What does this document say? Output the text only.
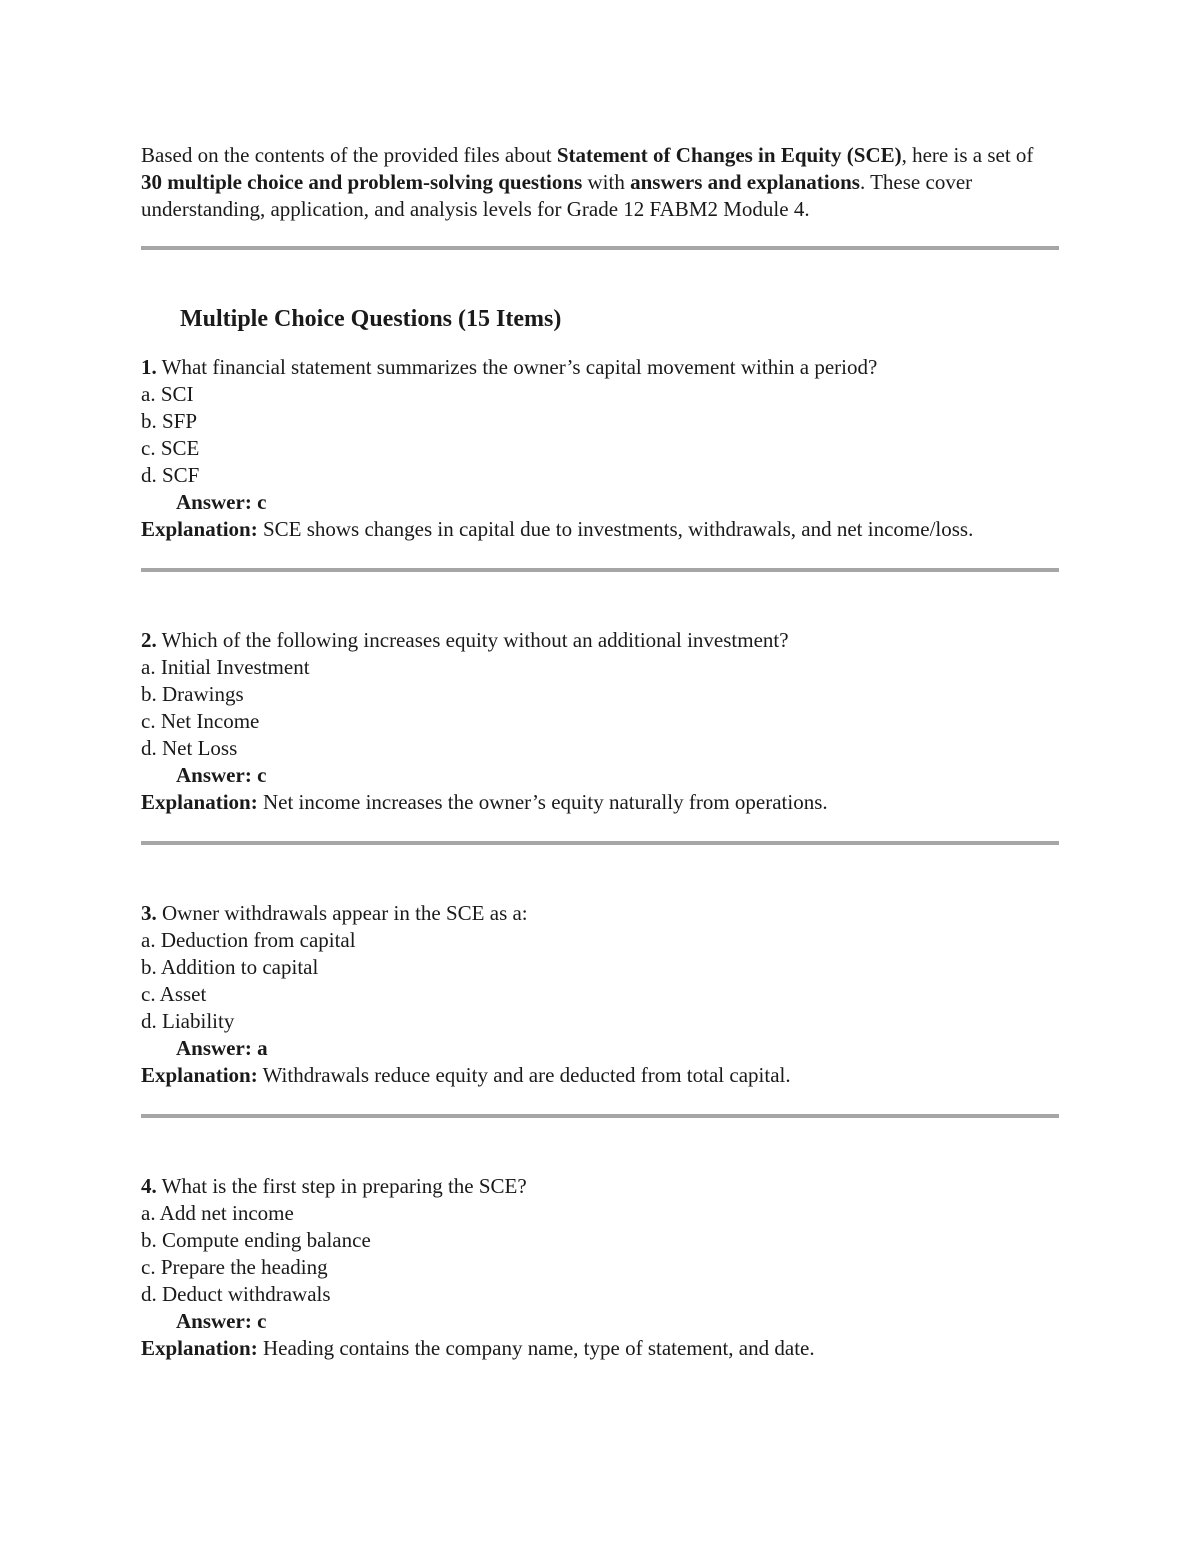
Based on the contents of the provided files about Statement of Changes in Equity (SCE), here is a set of 30 multiple choice and problem-solving questions with answers and explanations. These cover understanding, application, and analysis levels for Grade 12 FABM2 Module 4.

Multiple Choice Questions (15 Items)

1. What financial statement summarizes the owner’s capital movement within a period?

a. SCI

b. SFP

c. SCE

d. SCF

Answer: c

Explanation: SCE shows changes in capital due to investments, withdrawals, and net income/loss.

2. Which of the following increases equity without an additional investment?

a. Initial Investment

b. Drawings

c. Net Income

d. Net Loss

Answer: c

Explanation: Net income increases the owner’s equity naturally from operations.

3. Owner withdrawals appear in the SCE as a:

a. Deduction from capital

b. Addition to capital

c. Asset

d. Liability

Answer: a

Explanation: Withdrawals reduce equity and are deducted from total capital.

4. What is the first step in preparing the SCE?

a. Add net income

b. Compute ending balance

c. Prepare the heading

d. Deduct withdrawals

Answer: c

Explanation: Heading contains the company name, type of statement, and date.
